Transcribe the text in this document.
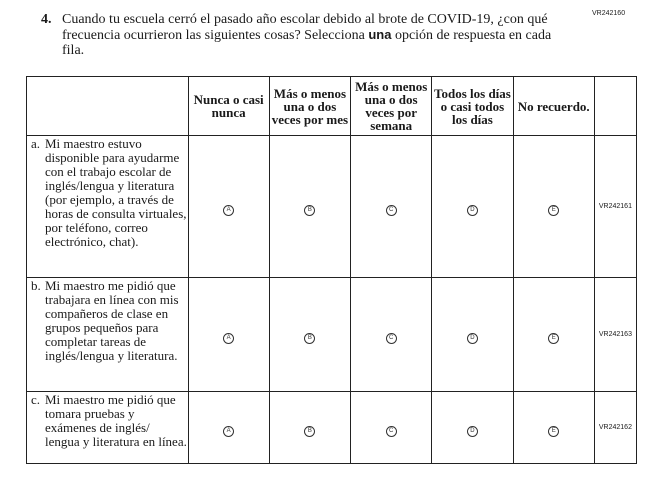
VR242160
4. Cuando tu escuela cerró el pasado año escolar debido al brote de COVID-19, ¿con qué frecuencia ocurrieron las siguientes cosas? Selecciona una opción de respuesta en cada fila.
	Nunca o casi nunca	Más o menos una o dos veces por mes	Más o menos una o dos veces por semana	Todos los días o casi todos los días	No recuerdo.	

a. Mi maestro estuvo disponible para ayudarme con el trabajo escolar de inglés/lengua y literatura (por ejemplo, a través de horas de consulta virtuales, por teléfono, correo electrónico, chat).	A	B	C	D	E	VR242161

b. Mi maestro me pidió que trabajara en línea con mis compañeros de clase en grupos pequeños para completar tareas de inglés/lengua y literatura.	A	B	C	D	E	VR242163

c. Mi maestro me pidió que tomara pruebas y exámenes de inglés/ lengua y literatura en línea.	A	B	C	D	E	VR242162
